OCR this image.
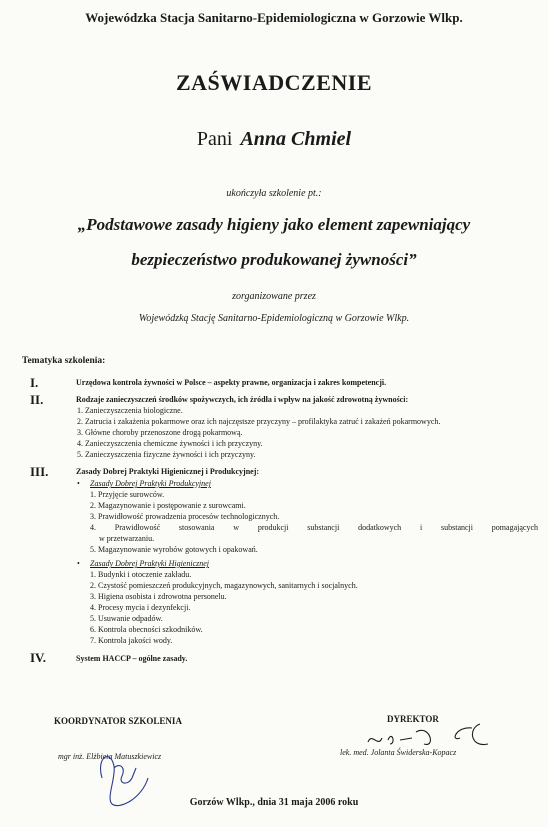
Wojewódzka Stacja Sanitarno-Epidemiologiczna w Gorzowie Wlkp.
ZAŚWIADCZENIE
Pani Anna Chmiel
ukończyła szkolenie pt.:
„Podstawowe zasady higieny jako element zapewniający
bezpieczeństwo produkowanej żywności”
zorganizowane przez
Wojewódzką Stację Sanitarno-Epidemiologiczną w Gorzowie Wlkp.
Tematyka szkolenia:
I.	Urzędowa kontrola żywności w Polsce – aspekty prawne, organizacja i zakres kompetencji.
II.	Rodzaje zanieczyszczeń środków spożywczych, ich źródła i wpływ na jakość zdrowotną żywności:
1. Zanieczyszczenia biologiczne.
2. Zatrucia i zakażenia pokarmowe oraz ich najczęstsze przyczyny – profilaktyka zatruć i zakażeń pokarmowych.
3. Główne choroby przenoszone drogą pokarmową.
4. Zanieczyszczenia chemiczne żywności i ich przyczyny.
5. Zanieczyszczenia fizyczne żywności i ich przyczyny.
III.	Zasady Dobrej Praktyki Higienicznej i Produkcyjnej:
• Zasady Dobrej Praktyki Produkcyjnej
1. Przyjęcie surowców.
2. Magazynowanie i postępowanie z surowcami.
3. Prawidłowość prowadzenia procesów technologicznych.
4. Prawidłowość stosowania w produkcji substancji dodatkowych i substancji pomagających
w przetwarzaniu.
5. Magazynowanie wyrobów gotowych i opakowań.
• Zasady Dobrej Praktyki Higienicznej
1. Budynki i otoczenie zakładu.
2. Czystość pomieszczeń produkcyjnych, magazynowych, sanitarnych i socjalnych.
3. Higiena osobista i zdrowotna personelu.
4. Procesy mycia i dezynfekcji.
5. Usuwanie odpadów.
6. Kontrola obecności szkodników.
7. Kontrola jakości wody.
IV.	System HACCP – ogólne zasady.
KOORDYNATOR SZKOLENIA
mgr inż. Elżbieta Matuszkiewicz
DYREKTOR
lek. med. Jolanta Świderska-Kopacz
Gorzów Wlkp., dnia 31 maja 2006 roku
